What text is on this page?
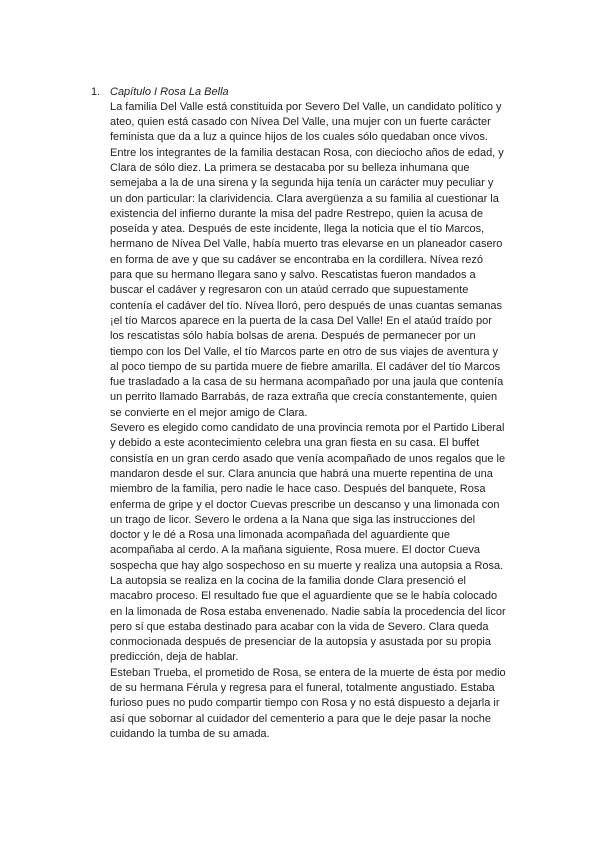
1. Capítulo I Rosa La Bella
La familia Del Valle está constituida por Severo Del Valle, un candidato político y
ateo, quien está casado con Nívea Del Valle, una mujer con un fuerte carácter
feminista que da a luz a quince hijos de los cuales sólo quedaban once vivos.
Entre los integrantes de la familia destacan Rosa, con dieciocho años de edad, y
Clara de sólo diez. La primera se destacaba por su belleza inhumana que
semejaba a la de una sirena y la segunda hija tenía un carácter muy peculiar y
un don particular: la clarividencia. Clara avergüenza a su familia al cuestionar la
existencia del infierno durante la misa del padre Restrepo, quien la acusa de
poseída y atea. Después de este incidente, llega la noticia que el tío Marcos,
hermano de Nívea Del Valle, había muerto tras elevarse en un planeador casero
en forma de ave y que su cadáver se encontraba en la cordillera. Nívea rezó
para que su hermano llegara sano y salvo. Rescatistas fueron mandados a
buscar el cadáver y regresaron con un ataúd cerrado que supuestamente
contenía el cadáver del tío. Nívea lloró, pero después de unas cuantas semanas
¡el tío Marcos aparece en la puerta de la casa Del Valle! En el ataúd traído por
los rescatistas sólo había bolsas de arena. Después de permanecer por un
tiempo con los Del Valle, el tío Marcos parte en otro de sus viajes de aventura y
al poco tiempo de su partida muere de fiebre amarilla. El cadáver del tío Marcos
fue trasladado a la casa de su hermana acompañado por una jaula que contenía
un perrito llamado Barrabás, de raza extraña que crecía constantemente, quien
se convierte en el mejor amigo de Clara.
Severo es elegido como candidato de una provincia remota por el Partido Liberal
y debido a este acontecimiento celebra una gran fiesta en su casa. El buffet
consistía en un gran cerdo asado que venía acompañado de unos regalos que le
mandaron desde el sur. Clara anuncia que habrá una muerte repentina de una
miembro de la familia, pero nadie le hace caso. Después del banquete, Rosa
enferma de gripe y el doctor Cuevas prescribe un descanso y una limonada con
un trago de licor. Severo le ordena a la Nana que siga las instrucciones del
doctor y le dé a Rosa una limonada acompañada del aguardiente que
acompañaba al cerdo. A la mañana siguiente, Rosa muere. El doctor Cueva
sospecha que hay algo sospechoso en su muerte y realiza una autopsia a Rosa.
La autopsia se realiza en la cocina de la familia donde Clara presenció el
macabro proceso. El resultado fue que el aguardiente que se le había colocado
en la limonada de Rosa estaba envenenado. Nadie sabía la procedencia del licor
pero sí que estaba destinado para acabar con la vida de Severo. Clara queda
conmocionada después de presenciar de la autopsia y asustada por su propia
predicción, deja de hablar.
Esteban Trueba, el prometido de Rosa, se entera de la muerte de ésta por medio
de su hermana Férula y regresa para el funeral, totalmente angustiado. Estaba
furioso pues no pudo compartir tiempo con Rosa y no está dispuesto a dejarla ir
así que sobornar al cuidador del cementerio a para que le deje pasar la noche
cuidando la tumba de su amada.
